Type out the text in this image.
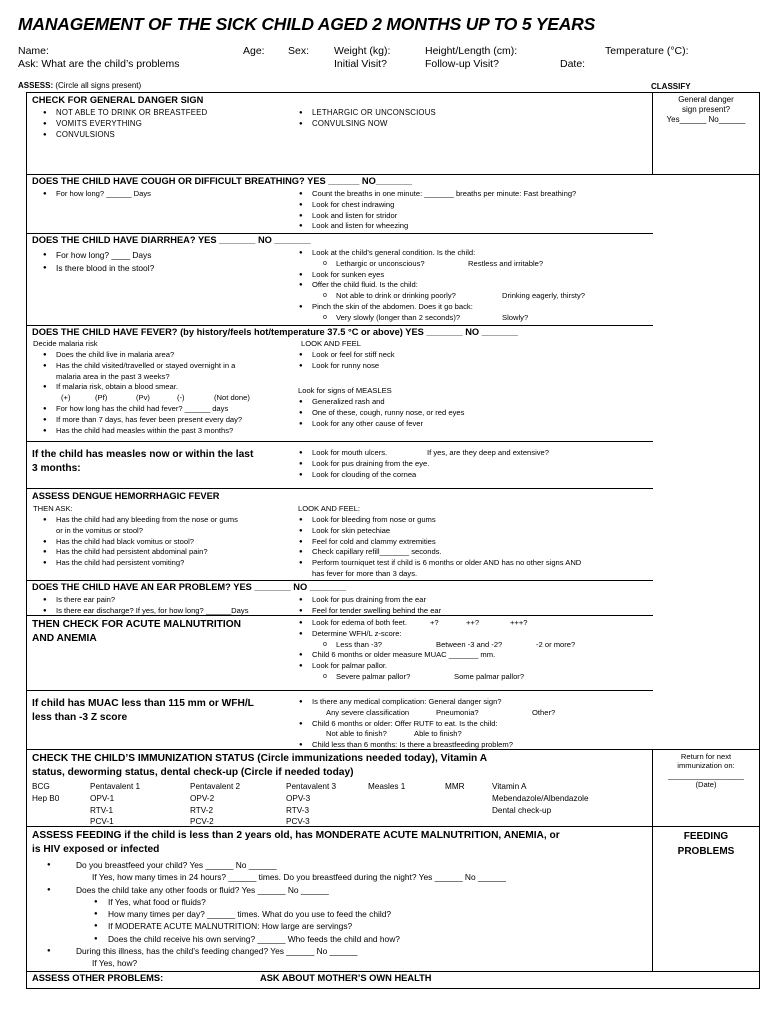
MANAGEMENT OF THE SICK CHILD AGED 2 MONTHS UP TO 5 YEARS
Name:	Age: Sex: Weight (kg):	Height/Length (cm):	Temperature (°C):
Ask: What are the child’s problems	Initial Visit?	Follow-up Visit?	Date:
ASSESS: (Circle all signs present)	CLASSIFY
CHECK FOR GENERAL DANGER SIGN
● NOT ABLE TO DRINK OR BREASTFEED
● VOMITS EVERYTHING
● CONVULSIONS
● LETHARGIC OR UNCONSCIOUS
● CONVULSING NOW
General danger
sign present?
Yes______ No______
DOES THE CHILD HAVE COUGH OR DIFFICULT BREATHING? YES ______ NO_______
● For how long? ______ Days
●	Count the breaths in one minute: _______ breaths per minute: Fast breathing?
● Look for chest indrawing
● Look and listen for stridor
● Look and listen for wheezing
DOES THE CHILD HAVE DIARRHEA? YES _______ NO _______
● For how long? ____ Days
● Is there blood in the stool?
● Look at the child’s general condition. Is the child:
o Lethargic or unconscious?	Restless and irritable?
● Look for sunken eyes
● Offer the child fluid. Is the child:
o Not able to drink or drinking poorly?	Drinking eagerly, thirsty?
● Pinch the skin of the abdomen. Does it go back:
o Very slowly (longer than 2 seconds)?	Slowly?
DOES THE CHILD HAVE FEVER? (by history/feels hot/temperature 37.5 °C or above) YES _______ NO _______
Decide malaria risk
● Does the child live in malaria area?
● Has the child visited/travelled or stayed overnight in a
malaria area in the past 3 weeks?
● If malaria risk, obtain a blood smear.
(+)	(Pf)	(Pv)	(-)	(Not done)

● For how long has the child had fever? ______ days
● If more than 7 days, has fever been present every day?
● Has the child had measles within the past 3 months?
LOOK AND FEEL
● Look or feel for stiff neck
● Look for runny nose
Look for signs of MEASLES
● Generalized rash and
● One of these, cough, runny nose, or red eyes
● Look for any other cause of fever
If the child has measles now or within the last
3 months:
● Look for mouth ulcers.	If yes, are they deep and extensive?
● Look for pus draining from the eye.
● Look for clouding of the cornea
ASSESS DENGUE HEMORRHAGIC FEVER
THEN ASK:
● Has the child had any bleeding from the nose or gums
or in the vomitus or stool?
● Has the child had black vomitus or stool?
● Has the child had persistent abdominal pain?
● Has the child had persistent vomiting?
LOOK AND FEEL:
● Look for bleeding from nose or gums
● Look for skin petechiae
● Feel for cold and clammy extremities
● Check capillary refill_______ seconds.
● Perform tourniquet test if child is 6 months or older AND has no other signs AND
has fever for more than 3 days.
DOES THE CHILD HAVE AN EAR PROBLEM? YES _______ NO _______
● Is there ear pain?
● Is there ear discharge? If yes, for how long? ______Days
● Look for pus draining from the ear
● Feel for tender swelling behind the ear
THEN CHECK FOR ACUTE MALNUTRITION
AND ANEMIA
● Look for edema of both feet.	+?	++?	+++?
● Determine WFH/L z-score:
o Less than -3?	Between -3 and -2?	-2 or more?
● Child 6 months or older measure MUAC _______ mm.
● Look for palmar pallor.
o Severe palmar pallor?	Some palmar pallor?
If child has MUAC less than 115 mm or WFH/L
less than -3 Z score
● Is there any medical complication: General danger sign?
Any severe classification	Pneumonia?	Other?
● Child 6 months or older: Offer RUTF to eat. Is the child:
Not able to finish?	Able to finish?
● Child less than 6 months: Is there a breastfeeding problem?
CHECK THE CHILD’S IMMUNIZATION STATUS (Circle immunizations needed today), Vitamin A
status, deworming status, dental check-up (Circle if needed today)
BCG	Pentavalent 1	Pentavalent 2	Pentavalent 3	Measles 1	MMR	Vitamin A
Hep B0	OPV-1	OPV-2	OPV-3	Mebendazole/Albendazole
RTV-1	RTV-2	RTV-3	Dental check-up
PCV-1	PCV-2	PCV-3
Return for next
immunization on:
__________________
(Date)
ASSESS FEEDING if the child is less than 2 years old, has MONDERATE ACUTE MALNUTRITION, ANEMIA, or
is HIV exposed or infected
● Do you breastfeed your child? Yes ______ No ______
If Yes, how many times in 24 hours? ______ times. Do you breastfeed during the night? Yes ______ No ______
● Does the child take any other foods or fluid? Yes ______ No ______
● If Yes, what food or fluids?
● How many times per day? ______ times. What do you use to feed the child?
● If MODERATE ACUTE MALNUTRITION: How large are servings?
● Does the child receive his own serving? ______ Who feeds the child and how?
● During this illness, has the child’s feeding changed? Yes ______ No ______
If Yes, how?
FEEDING
PROBLEMS
ASSESS OTHER PROBLEMS:	ASK ABOUT MOTHER’S OWN HEALTH
